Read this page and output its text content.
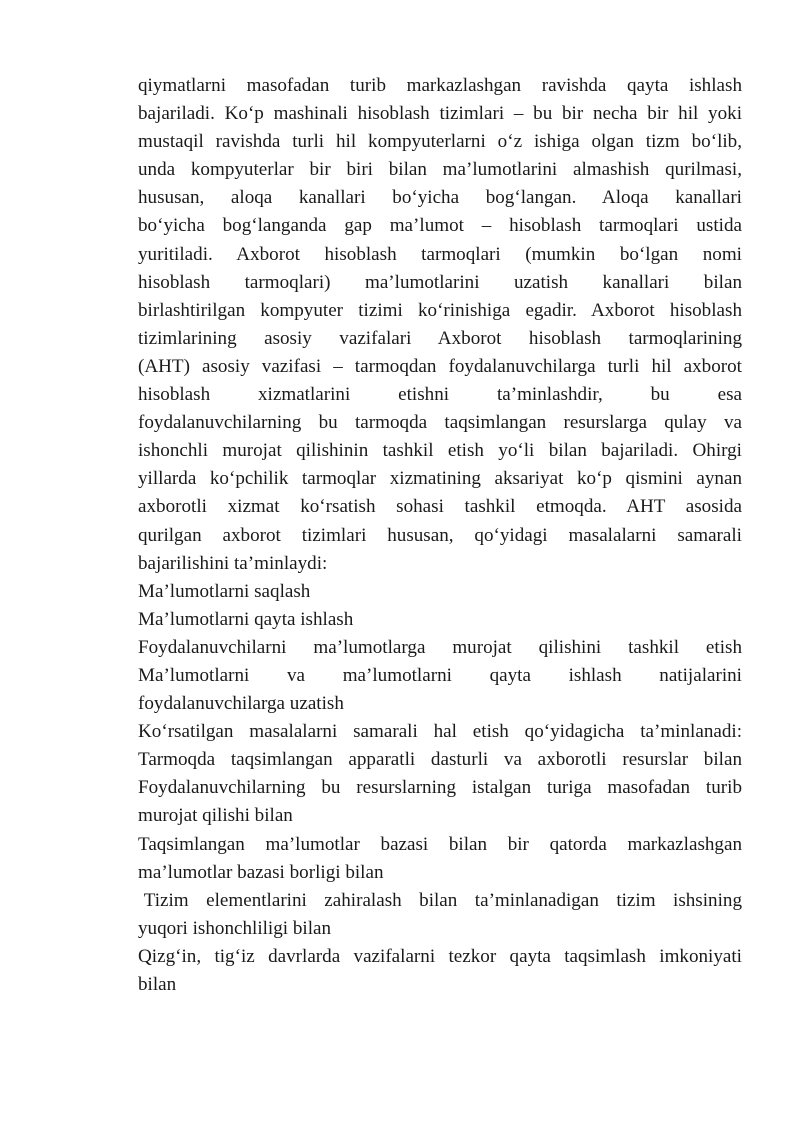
qiymatlarni masofadan turib markazlashgan ravishda qayta ishlash
bajariladi. Koʻp mashinali hisoblash tizimlari – bu bir necha bir hil yoki
mustaqil ravishda turli hil kompyuterlarni oʻz ishiga olgan tizm boʻlib,
unda kompyuterlar bir biri bilan maʼlumotlarini almashish qurilmasi,
hususan, aloqa kanallari boʻyicha bogʻlangan. Aloqa kanallari
boʻyicha bogʻlanganda gap maʼlumot – hisoblash tarmoqlari ustida
yuritiladi. Axborot hisoblash tarmoqlari (mumkin boʻlgan nomi
hisoblash tarmoqlari) maʼlumotlarini uzatish kanallari bilan
birlashtirilgan kompyuter tizimi koʻrinishiga egadir. Axborot hisoblash
tizimlarining asosiy vazifalari Axborot hisoblash tarmoqlarining
(AHT) asosiy vazifasi – tarmoqdan foydalanuvchilarga turli hil axborot
hisoblash xizmatlarini etishni taʼminlashdir, bu esa
foydalanuvchilarning bu tarmoqda taqsimlangan resurslarga qulay va
ishonchli murojat qilishinin tashkil etish yoʻli bilan bajariladi. Ohirgi
yillarda koʻpchilik tarmoqlar xizmatining aksariyat koʻp qismini aynan
axborotli xizmat koʻrsatish sohasi tashkil etmoqda. AHT asosida
qurilgan axborot tizimlari hususan, qoʻyidagi masalalarni samarali
bajarilishini taʼminlaydi:
Maʼlumotlarni saqlash
Maʼlumotlarni qayta ishlash
Foydalanuvchilarni maʼlumotlarga murojat qilishini tashkil etish
Maʼlumotlarni va maʼlumotlarni qayta ishlash natijalarini
foydalanuvchilarga uzatish
Koʻrsatilgan masalalarni samarali hal etish qoʻyidagicha taʼminlanadi:
Tarmoqda taqsimlangan apparatli dasturli va axborotli resurslar bilan
Foydalanuvchilarning bu resurslarning istalgan turiga masofadan turib
murojat qilishi bilan
Taqsimlangan maʼlumotlar bazasi bilan bir qatorda markazlashgan
maʼlumotlar bazasi borligi bilan
Tizim elementlarini zahiralash bilan taʼminlanadigan tizim ishsining
yuqori ishonchliligi bilan
Qizgʻin, tigʻiz davrlarda vazifalarni tezkor qayta taqsimlash imkoniyati
bilan
